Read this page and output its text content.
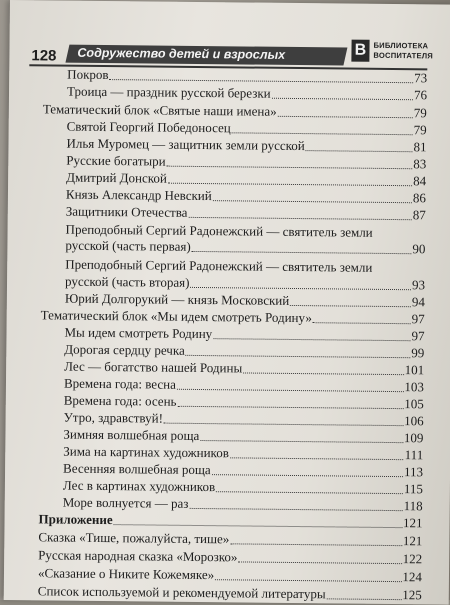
128 Содружество детей и взрослых	В БИБЛИОТЕКА
ВОСПИТАТЕЛЯ
Покров	73
Троица — праздник русской березки	76
Тематический блок «Святые наши имена»	79
Святой Георгий Победоносец	79
Илья Муромец — защитник земли русской	81
Русские богатыри	83
Дмитрий Донской	84
Князь Александр Невский	86
Защитники Отечества	87
Преподобный Сергий Радонежский — святитель земли
русской (часть первая)	90
Преподобный Сергий Радонежский — святитель земли
русской (часть вторая)	93
Юрий Долгорукий — князь Московский	94
Тематический блок «Мы идем смотреть Родину»	97
Мы идем смотреть Родину	97
Дорогая сердцу речка	99
Лес — богатство нашей Родины	101
Времена года: весна	103
Времена года: осень	105
Утро, здравствуй!	106
Зимняя волшебная роща	109
Зима на картинах художников	111
Весенняя волшебная роща	113
Лес в картинах художников	115
Море волнуется — раз	118
Приложение	121
Сказка «Тише, пожалуйста, тише»	121
Русская народная сказка «Морозко»	122
«Сказание о Никите Кожемяке»	124
Список используемой и рекомендуемой литературы	125
